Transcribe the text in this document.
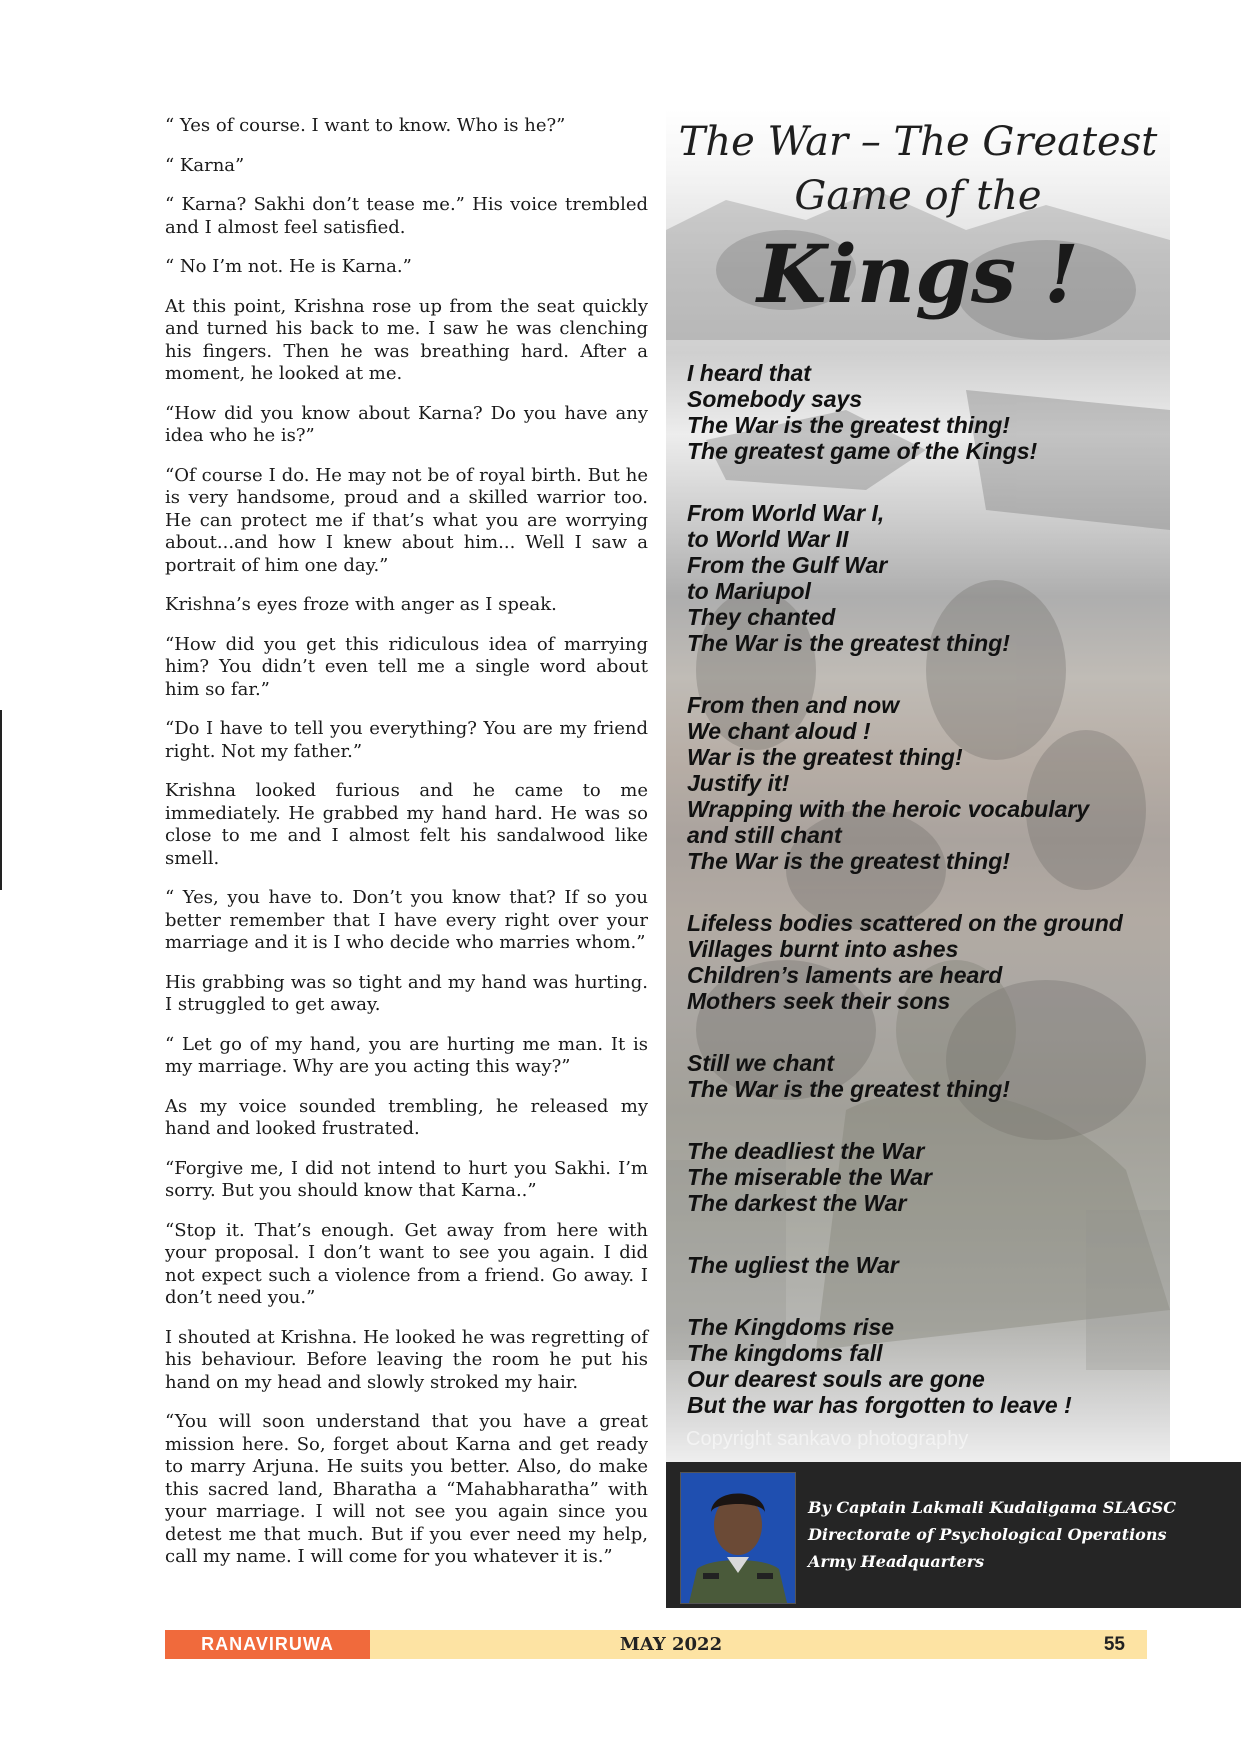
“ Yes of course. I want to know. Who is he?”

“ Karna”

“ Karna? Sakhi don’t tease me.” His voice trembled and I almost feel satisfied.

“ No I’m not. He is Karna.”

At this point, Krishna rose up from the seat quickly and turned his back to me. I saw he was clenching his fingers. Then he was breathing hard. After a moment, he looked at me.

“How did you know about Karna? Do you have any idea who he is?”

“Of course I do. He may not be of royal birth. But he is very handsome, proud and a skilled warrior too. He can protect me if that’s what you are worrying about...and how I knew about him... Well I saw a portrait of him one day.”

Krishna’s eyes froze with anger as I speak.

“How did you get this ridiculous idea of marrying him? You didn’t even tell me a single word about him so far.”

“Do I have to tell you everything? You are my friend right. Not my father.”

Krishna looked furious and he came to me immediately. He grabbed my hand hard. He was so close to me and I almost felt his sandalwood like smell.

“ Yes, you have to. Don’t you know that? If so you better remember that I have every right over your marriage and it is I who decide who marries whom.”

His grabbing was so tight and my hand was hurting. I struggled to get away.

“ Let go of my hand, you are hurting me man. It is my marriage. Why are you acting this way?”

As my voice sounded trembling, he released my hand and looked frustrated.

“Forgive me, I did not intend to hurt you Sakhi. I’m sorry. But you should know that Karna..”

“Stop it. That’s enough. Get away from here with your proposal. I don’t want to see you again. I did not expect such a violence from a friend. Go away. I don’t need you.”

I shouted at Krishna. He looked he was regretting of his behaviour. Before leaving the room he put his hand on my head and slowly stroked my hair.

“You will soon understand that you have a great mission here. So, forget about Karna and get ready to marry Arjuna. He suits you better. Also, do make this sacred land, Bharatha a “Mahabharatha” with your marriage. I will not see you again since you detest me that much. But if you ever need my help, call my name. I will come for you whatever it is.”

The War – The Greatest
Game of the
Kings !
I heard that
Somebody says
The War is the greatest thing!
The greatest game of the Kings!
From World War I,
to World War II
From the Gulf War
to Mariupol
They chanted
The War is the greatest thing!
From then and now
We chant aloud !
War is the greatest thing!
Justify it!
Wrapping with the heroic vocabulary
and still chant
The War is the greatest thing!
Lifeless bodies scattered on the ground
Villages burnt into ashes
Children’s laments are heard
Mothers seek their sons
Still we chant
The War is the greatest thing!
The deadliest the War
The miserable the War
The darkest the War
The ugliest the War
The Kingdoms rise
The kingdoms fall
Our dearest souls are gone
But the war has forgotten to leave !
Copyright sankavo photography
By Captain Lakmali Kudaligama SLAGSC
Directorate of Psychological Operations
Army Headquarters
RANAVIRUWA	MAY 2022	55
